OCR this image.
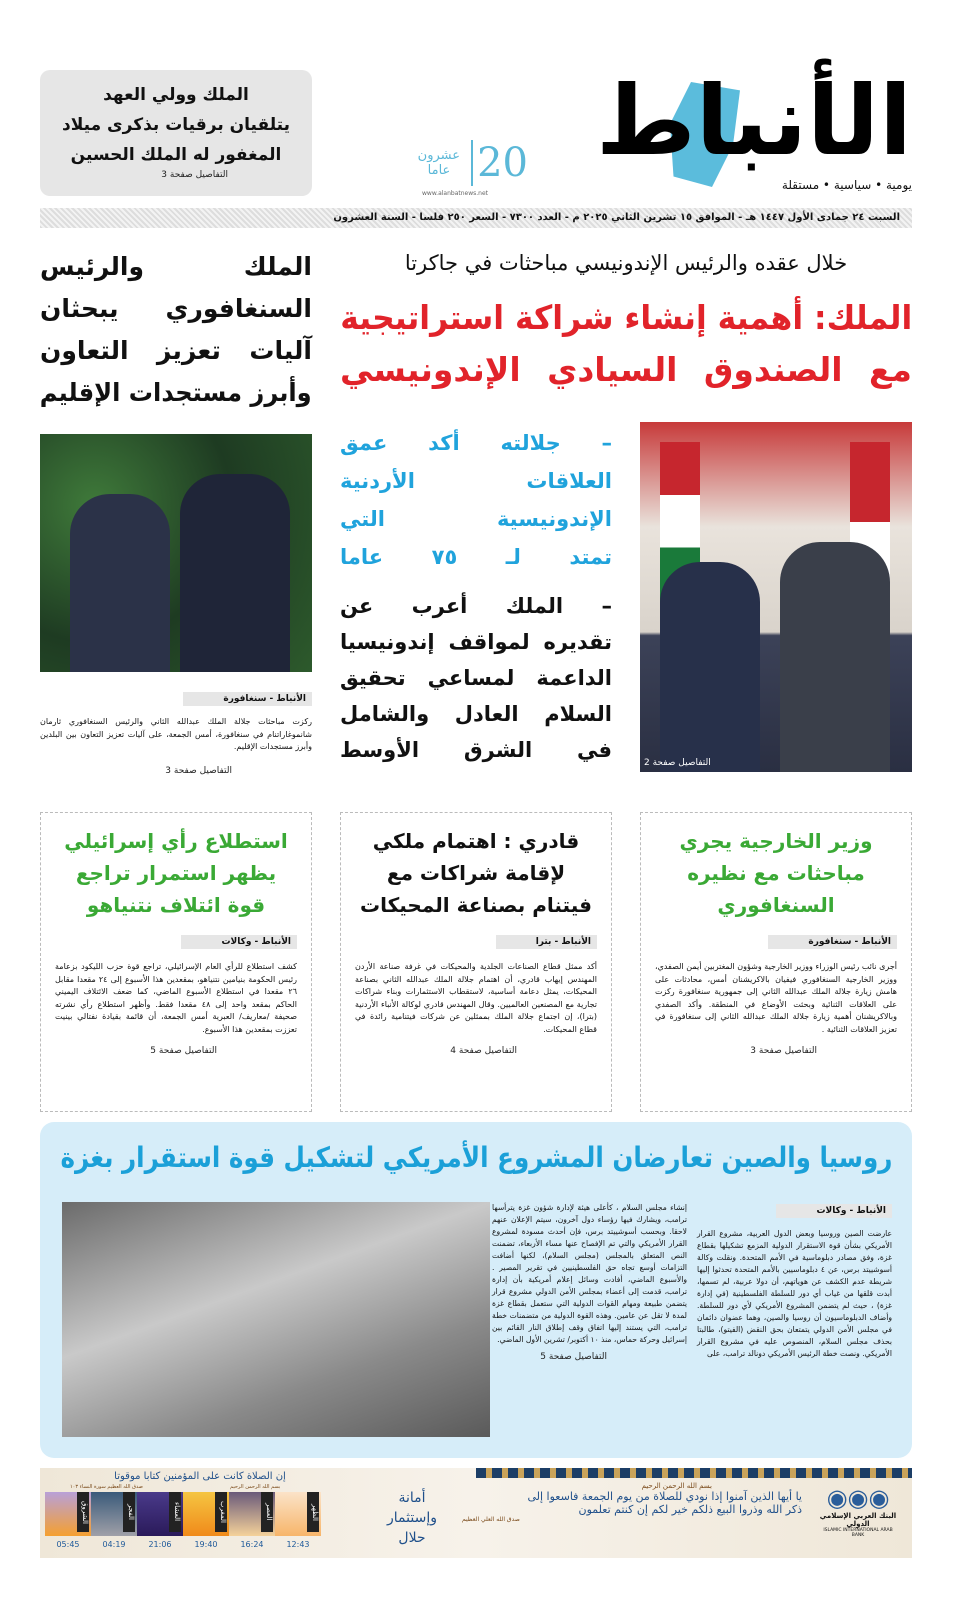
الأنباط
يومية • سياسية • مستقلة
20
عشرون عاما
www.alanbatnews.net
الملك وولي العهد
يتلقيان برقيات بذكرى ميلاد
المغفور له الملك الحسين
التفاصيل صفحة 3
السبت ٢٤ جمادى الأول ١٤٤٧ هـ - الموافق ١٥ تشرين الثاني ٢٠٢٥ م - العدد ٧٣٠٠ - السعر ٢٥٠ فلسا - السنة العشرون
خلال عقده والرئيس الإندونيسي مباحثات في جاكرتا
الملك: أهمية إنشاء شراكة استراتيجية
مع الصندوق السيادي الإندونيسي
التفاصيل صفحة 2
– جلالته أكد عمق
العلاقات الأردنية
الإندونيسية التي
تمتد لـ ٧٥ عاما
– الملك أعرب عن
تقديره لمواقف إندونيسيا
الداعمة لمساعي تحقيق
السلام العادل والشامل
في الشرق الأوسط
الملك والرئيس
السنغافوري يبحثان
آليات تعزيز التعاون
وأبرز مستجدات الإقليم
الأنباط - سنغافورة
ركزت مباحثات جلالة الملك عبدالله الثاني والرئيس السنغافوري ثارمان شانموغاراتنام في سنغافورة، أمس الجمعة، على آليات تعزيز التعاون بين البلدين وأبرز مستجدات الإقليم.
التفاصيل صفحة 3
وزير الخارجية يجري مباحثات مع نظيره السنغافوري
الأنباط - سنغافورة
أجرى نائب رئيس الوزراء ووزير الخارجية وشؤون المغتربين أيمن الصفدي، ووزير الخارجية السنغافوري فيفيان بالاكريشنان أمس، محادثات على هامش زيارة جلالة الملك عبدالله الثاني إلى جمهورية سنغافورة ركزت على العلاقات الثنائية وبحثت الأوضاع في المنطقة. وأكد الصفدي وبالاكريشنان أهمية زيارة جلالة الملك عبدالله الثاني إلى سنغافورة في تعزيز العلاقات الثنائية .
التفاصيل صفحة 3
قادري : اهتمام ملكي لإقامة شراكات مع فيتنام بصناعة المحيكات
الأنباط - بترا
أكد ممثل قطاع الصناعات الجلدية والمحيكات في غرفة صناعة الأردن المهندس إيهاب قادري، أن اهتمام جلالة الملك عبدالله الثاني بصناعة المحيكات، يمثل دعامة أساسية، لاستقطاب الاستثمارات وبناء شراكات تجارية مع المصنعين العالميين. وقال المهندس قادري لوكالة الأنباء الأردنية (بترا)، إن اجتماع جلالة الملك بممثلين عن شركات فيتنامية رائدة في قطاع المحيكات.
التفاصيل صفحة 4
استطلاع رأي إسرائيلي يظهر استمرار تراجع قوة ائتلاف نتنياهو
الأنباط - وكالات
كشف استطلاع للرأي العام الإسرائيلي، تراجع قوة حزب الليكود بزعامة رئيس الحكومة بنيامين نتنياهو، بمقعدين هذا الأسبوع إلى ٢٤ مقعدا مقابل ٢٦ مقعدا في استطلاع الأسبوع الماضي، كما ضعف الائتلاف اليميني الحاكم بمقعد واحد إلى ٤٨ مقعدا فقط. وأظهر استطلاع رأي نشرته صحيفة /معاريف/ العبرية أمس الجمعة، أن قائمة بقيادة نفتالي بينيت تعززت بمقعدين هذا الأسبوع.
التفاصيل صفحة 5
روسيا والصين تعارضان المشروع الأمريكي لتشكيل قوة استقرار بغزة
الأنباط - وكالات
عارضت الصين وروسيا وبعض الدول العربية، مشروع القرار الأمريكي بشأن قوة الاستقرار الدولية المزمع تشكيلها بقطاع غزة، وفق مصادر دبلوماسية في الأمم المتحدة. ونقلت وكالة أسوشييتد برس، عن ٤ دبلوماسيين بالأمم المتحدة تحدثوا إليها شريطة عدم الكشف عن هوياتهم، أن دولا عربية، لم تسمها، أبدت قلقها من غياب أي دور للسلطة الفلسطينية (في إدارة غزة) ، حيث لم يتضمن المشروع الأمريكي لأي دور للسلطة. وأضاف الدبلوماسيون أن روسيا والصين، وهما عضوان دائمان في مجلس الأمن الدولي يتمتعان بحق النقض (الفيتو)، طالبتا بحذف مجلس السلام، المنصوص عليه في مشروع القرار الأمريكي. ونصت خطة الرئيس الأمريكي دونالد ترامب، على
إنشاء مجلس السلام ، كأعلى هيئة لإدارة شؤون غزة يترأسها ترامب، ويشارك فيها رؤساء دول آخرون، سيتم الإعلان عنهم لاحقا. وبحسب أسوشييتد برس، فإن أحدث مسودة لمشروع القرار الأمريكي والتي تم الإفصاح عنها مساء الأربعاء، تضمنت النص المتعلق بالمجلس (مجلس السلام)، لكنها أضافت التزامات أوسع تجاه حق الفلسطينيين في تقرير المصير . والأسبوع الماضي، أفادت وسائل إعلام أمريكية بأن إدارة ترامب، قدمت إلى أعضاء بمجلس الأمن الدولي مشروع قرار يتضمن طبيعة ومهام القوات الدولية التي ستعمل بقطاع غزة لمدة لا تقل عن عامين. وهذه القوة الدولية من متضمنات خطة ترامب، التي يستند إليها اتفاق وقف إطلاق النار القائم بين إسرائيل وحركة حماس، منذ ١٠ أكتوبر/ تشرين الأول الماضي.
التفاصيل صفحة 5
◉◉◉
البنك العربي الإسلامي الدولي
ISLAMIC INTERNATIONAL ARAB BANK
بسم الله الرحمن الرحيم
يا أيها الذين آمنوا إذا نودي للصلاة من يوم الجمعة فاسعوا إلى
ذكر الله وذروا البيع ذلكم خير لكم إن كنتم تعلمون
صدق الله العلي العظيم
أمانة وإستثمار حلال
إن الصلاة كانت على المؤمنين كتابا موقوتا
بسم الله الرحمن الرحيم
صدق الله العظيم سورة النساء ١٠٣
الظهر
12:43
العصر
16:24
المغرب
19:40
العشاء
21:06
الفجر
04:19
الشروق
05:45
